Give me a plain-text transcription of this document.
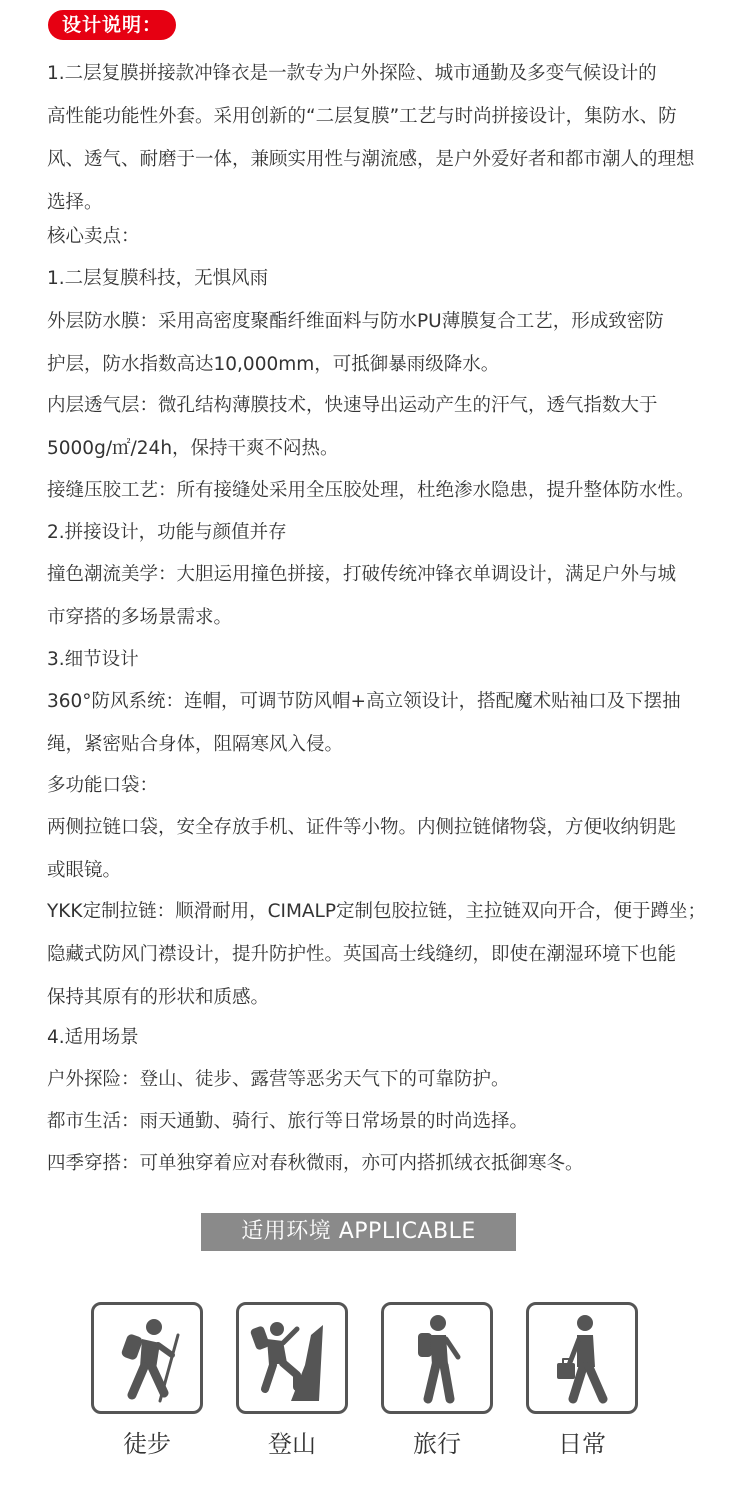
设计说明：
1.二层复膜拼接款冲锋衣是一款专为户外探险、城市通勤及多变气候设计的
高性能功能性外套。采用创新的“二层复膜”工艺与时尚拼接设计，集防水、防
风、透气、耐磨于一体，兼顾实用性与潮流感，是户外爱好者和都市潮人的理想
选择。
核心卖点：
1.二层复膜科技，无惧风雨
外层防水膜：采用高密度聚酯纤维面料与防水PU薄膜复合工艺，形成致密防
护层，防水指数高达10,000mm，可抵御暴雨级降水。
内层透气层：微孔结构薄膜技术，快速导出运动产生的汗气，透气指数大于
5000g/㎡/24h，保持干爽不闷热。
接缝压胶工艺：所有接缝处采用全压胶处理，杜绝渗水隐患，提升整体防水性。
2.拼接设计，功能与颜值并存
撞色潮流美学：大胆运用撞色拼接，打破传统冲锋衣单调设计，满足户外与城
市穿搭的多场景需求。
3.细节设计
360°防风系统：连帽，可调节防风帽+高立领设计，搭配魔术贴袖口及下摆抽
绳，紧密贴合身体，阻隔寒风入侵。
多功能口袋：
两侧拉链口袋，安全存放手机、证件等小物。内侧拉链储物袋，方便收纳钥匙
或眼镜。
YKK定制拉链：顺滑耐用，CIMALP定制包胶拉链，主拉链双向开合，便于蹲坐；
隐藏式防风门襟设计，提升防护性。英国高士线缝纫，即使在潮湿环境下也能
保持其原有的形状和质感。
4.适用场景
户外探险：登山、徒步、露营等恶劣天气下的可靠防护。
都市生活：雨天通勤、骑行、旅行等日常场景的时尚选择。
四季穿搭：可单独穿着应对春秋微雨，亦可内搭抓绒衣抵御寒冬。
适用环境 APPLICABLE
徒步	登山	旅行	日常
